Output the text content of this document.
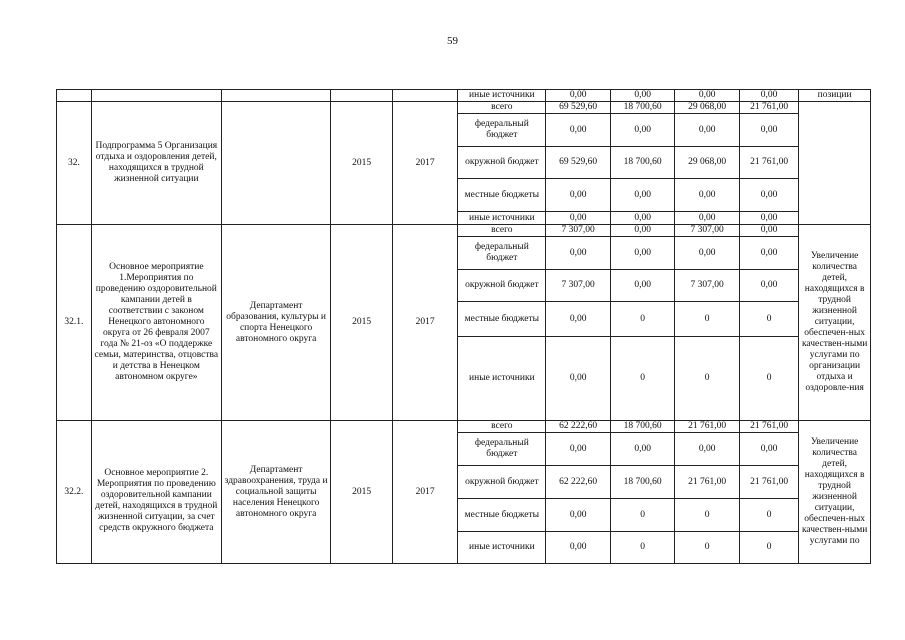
59
					иные источники	0,00	0,00	0,00	0,00	позиции
32.	Подпрограмма 5 Организация отдыха и оздоровления детей, находящихся в трудной жизненной ситуации		2015	2017	всего	69 529,60	18 700,60	29 068,00	21 761,00	
					федеральный бюджет	0,00	0,00	0,00	0,00	
					окружной бюджет	69 529,60	18 700,60	29 068,00	21 761,00	
					местные бюджеты	0,00	0,00	0,00	0,00	
					иные источники	0,00	0,00	0,00	0,00	
32.1.	Основное мероприятие 1.Мероприятия по проведению оздоровительной кампании детей в соответствии с законом Ненецкого автономного округа от 26 февраля 2007 года № 21-оз «О поддержке семьи, материнства, отцовства и детства в Ненецком автономном округе»	Департамент образования, культуры и спорта Ненецкого автономного округа	2015	2017	всего	7 307,00	0,00	7 307,00	0,00	Увеличение количества детей, находящихся в трудной жизненной ситуации, обеспечен-ных качествен-ными услугами по организации отдыха и оздоровле-ния
					федеральный бюджет	0,00	0,00	0,00	0,00	
					окружной бюджет	7 307,00	0,00	7 307,00	0,00	
					местные бюджеты	0,00	0	0	0	
					иные источники	0,00	0	0	0	
32.2.	Основное мероприятие 2. Мероприятия по проведению оздоровительной кампании детей, находящихся в трудной жизненной ситуации, за счет средств окружного бюджета	Департамент здравоохранения, труда и социальной защиты населения Ненецкого автономного округа	2015	2017	всего	62 222,60	18 700,60	21 761,00	21 761,00	Увеличение количества детей, находящихся в трудной жизненной ситуации, обеспечен-ных качествен-ными услугами по
					федеральный бюджет	0,00	0,00	0,00	0,00	
					окружной бюджет	62 222,60	18 700,60	21 761,00	21 761,00	
					местные бюджеты	0,00	0	0	0	
					иные источники	0,00	0	0	0	
